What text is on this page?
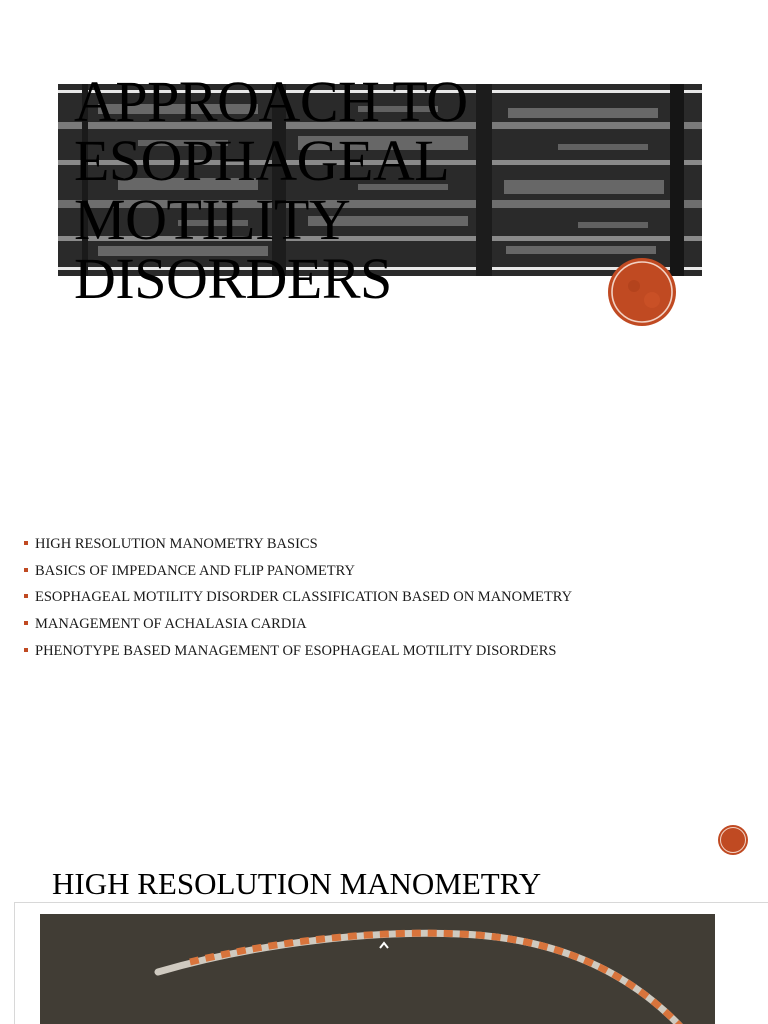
APPROACH TO
ESOPHAGEAL
MOTILITY
DISORDERS
HIGH RESOLUTION MANOMETRY BASICS
BASICS OF IMPEDANCE AND FLIP PANOMETRY
ESOPHAGEAL MOTILITY DISORDER CLASSIFICATION BASED ON MANOMETRY
MANAGEMENT OF ACHALASIA CARDIA
PHENOTYPE BASED MANAGEMENT OF ESOPHAGEAL MOTILITY DISORDERS
HIGH RESOLUTION MANOMETRY
